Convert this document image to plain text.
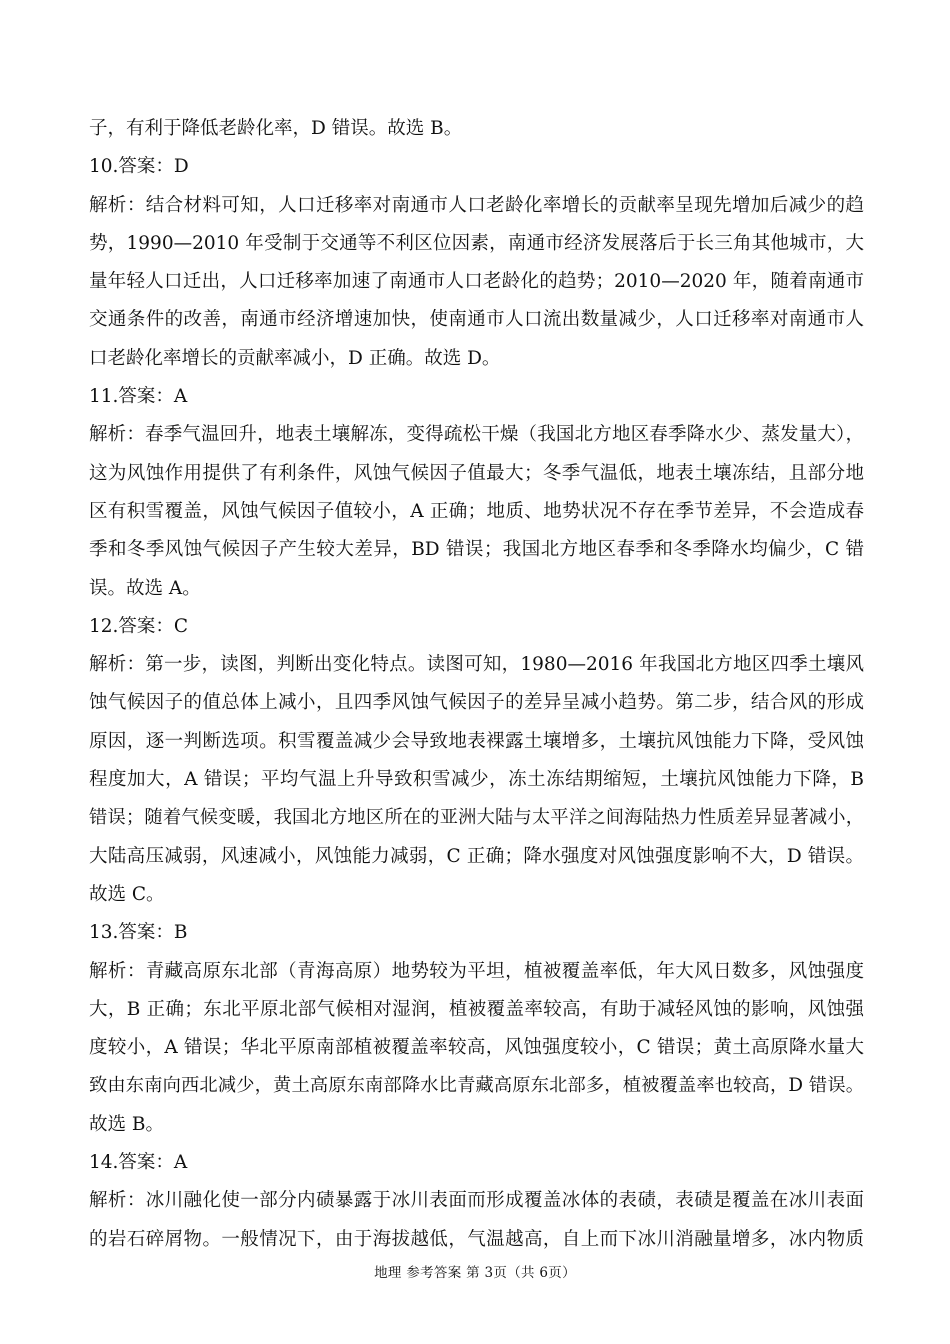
子，有利于降低老龄化率，D 错误。故选 B。

10.答案：D

解析：结合材料可知，人口迁移率对南通市人口老龄化率增长的贡献率呈现先增加后减少的趋

势，1990—2010 年受制于交通等不利区位因素，南通市经济发展落后于长三角其他城市，大

量年轻人口迁出，人口迁移率加速了南通市人口老龄化的趋势；2010—2020 年，随着南通市

交通条件的改善，南通市经济增速加快，使南通市人口流出数量减少，人口迁移率对南通市人

口老龄化率增长的贡献率减小，D 正确。故选 D。

11.答案：A

解析：春季气温回升，地表土壤解冻，变得疏松干燥（我国北方地区春季降水少、蒸发量大），

这为风蚀作用提供了有利条件，风蚀气候因子值最大；冬季气温低，地表土壤冻结，且部分地

区有积雪覆盖，风蚀气候因子值较小，A 正确；地质、地势状况不存在季节差异，不会造成春

季和冬季风蚀气候因子产生较大差异，BD 错误；我国北方地区春季和冬季降水均偏少，C 错

误。故选 A。

12.答案：C

解析：第一步，读图，判断出变化特点。读图可知，1980—2016 年我国北方地区四季土壤风

蚀气候因子的值总体上减小，且四季风蚀气候因子的差异呈减小趋势。第二步，结合风的形成

原因，逐一判断选项。积雪覆盖减少会导致地表裸露土壤增多，土壤抗风蚀能力下降，受风蚀

程度加大，A 错误；平均气温上升导致积雪减少，冻土冻结期缩短，土壤抗风蚀能力下降，B

错误；随着气候变暖，我国北方地区所在的亚洲大陆与太平洋之间海陆热力性质差异显著减小，

大陆高压减弱，风速减小，风蚀能力减弱，C 正确；降水强度对风蚀强度影响不大，D 错误。

故选 C。

13.答案：B

解析：青藏高原东北部（青海高原）地势较为平坦，植被覆盖率低，年大风日数多，风蚀强度

大，B 正确；东北平原北部气候相对湿润，植被覆盖率较高，有助于减轻风蚀的影响，风蚀强

度较小，A 错误；华北平原南部植被覆盖率较高，风蚀强度较小，C 错误；黄土高原降水量大

致由东南向西北减少，黄土高原东南部降水比青藏高原东北部多，植被覆盖率也较高，D 错误。

故选 B。

14.答案：A

解析：冰川融化使一部分内碛暴露于冰川表面而形成覆盖冰体的表碛，表碛是覆盖在冰川表面

的岩石碎屑物。一般情况下，由于海拔越低，气温越高，自上而下冰川消融量增多，冰内物质

地理 参考答案 第 3页（共 6页）
